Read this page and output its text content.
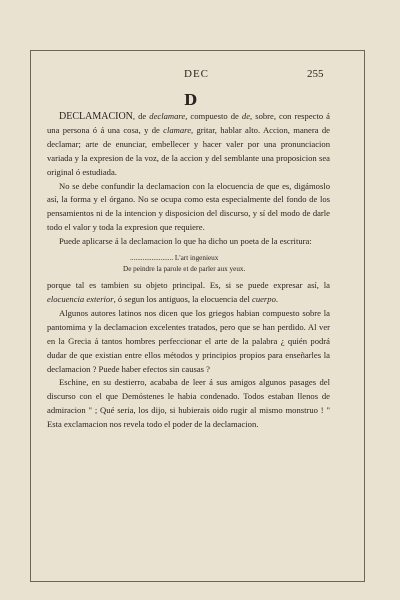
DEC	255
D

DECLAMACION, de declamare, compuesto de de, sobre, con respecto á una persona ó á una cosa, y de clamare, gritar, hablar alto. Accion, manera de declamar; arte de enunciar, embellecer y hacer valer por una pronunciacion variada y la expresion de la voz, de la accion y del semblante una proposicion sea original ó estudiada.

No se debe confundir la declamacion con la elocuencia de que es, digámoslo así, la forma y el órgano. No se ocupa como esta especialmente del fondo de los pensamientos ni de la intencion y disposicion del discurso, y sí del modo de darle todo el valor y toda la expresion que requiere.

Puede aplicarse á la declamacion lo que ha dicho un poeta de la escritura:

........................ L'art ingenieux
De peindre la parole et de parler aux yeux.

porque tal es tambien su objeto principal. Es, si se puede expresar así, la elocuencia exterior, ó segun los antiguos, la elocuencia del cuerpo.

Algunos autores latinos nos dicen que los griegos habian compuesto sobre la pantomima y la declamacion excelentes tratados, pero que se han perdido. Al ver en la Grecia á tantos hombres perfeccionar el arte de la palabra ¿ quién podrá dudar de que existian entre ellos métodos y principios propios para enseñarles la declamacion ? Puede haber efectos sin causas ?

Eschine, en su destierro, acababa de leer á sus amigos algunos pasages del discurso con el que Demóstenes le habia condenado. Todos estaban llenos de admiracion " ; Qué seria, los dijo, si hubierais oido rugir al mismo monstruo ! " Esta exclamacion nos revela todo el poder de la declamacion.
